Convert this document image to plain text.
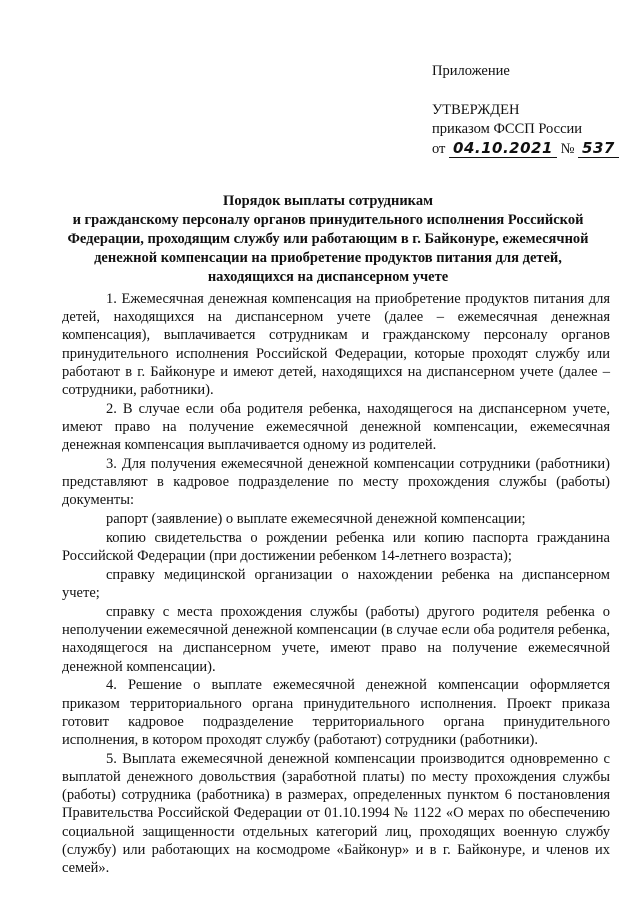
Приложение
УТВЕРЖДЕН
приказом ФССП России
от 04.10.2021 № 537
Порядок выплаты сотрудникам
и гражданскому персоналу органов принудительного исполнения Российской
Федерации, проходящим службу или работающим в г. Байконуре, ежемесячной
денежной компенсации на приобретение продуктов питания для детей,
находящихся на диспансерном учете

1. Ежемесячная денежная компенсация на приобретение продуктов питания для детей, находящихся на диспансерном учете (далее – ежемесячная денежная компенсация), выплачивается сотрудникам и гражданскому персоналу органов принудительного исполнения Российской Федерации, которые проходят службу или работают в г. Байконуре и имеют детей, находящихся на диспансерном учете (далее – сотрудники, работники).

2. В случае если оба родителя ребенка, находящегося на диспансерном учете, имеют право на получение ежемесячной денежной компенсации, ежемесячная денежная компенсация выплачивается одному из родителей.

3. Для получения ежемесячной денежной компенсации сотрудники (работники) представляют в кадровое подразделение по месту прохождения службы (работы) документы:

рапорт (заявление) о выплате ежемесячной денежной компенсации;

копию свидетельства о рождении ребенка или копию паспорта гражданина Российской Федерации (при достижении ребенком 14-летнего возраста);

справку медицинской организации о нахождении ребенка на диспансерном учете;

справку с места прохождения службы (работы) другого родителя ребенка о неполучении ежемесячной денежной компенсации (в случае если оба родителя ребенка, находящегося на диспансерном учете, имеют право на получение ежемесячной денежной компенсации).

4. Решение о выплате ежемесячной денежной компенсации оформляется приказом территориального органа принудительного исполнения. Проект приказа готовит кадровое подразделение территориального органа принудительного исполнения, в котором проходят службу (работают) сотрудники (работники).

5. Выплата ежемесячной денежной компенсации производится одновременно с выплатой денежного довольствия (заработной платы) по месту прохождения службы (работы) сотрудника (работника) в размерах, определенных пунктом 6 постановления Правительства Российской Федерации от 01.10.1994 № 1122 «О мерах по обеспечению социальной защищенности отдельных категорий лиц, проходящих военную службу (службу) или работающих на космодроме «Байконур» и в г. Байконуре, и членов их семей».
